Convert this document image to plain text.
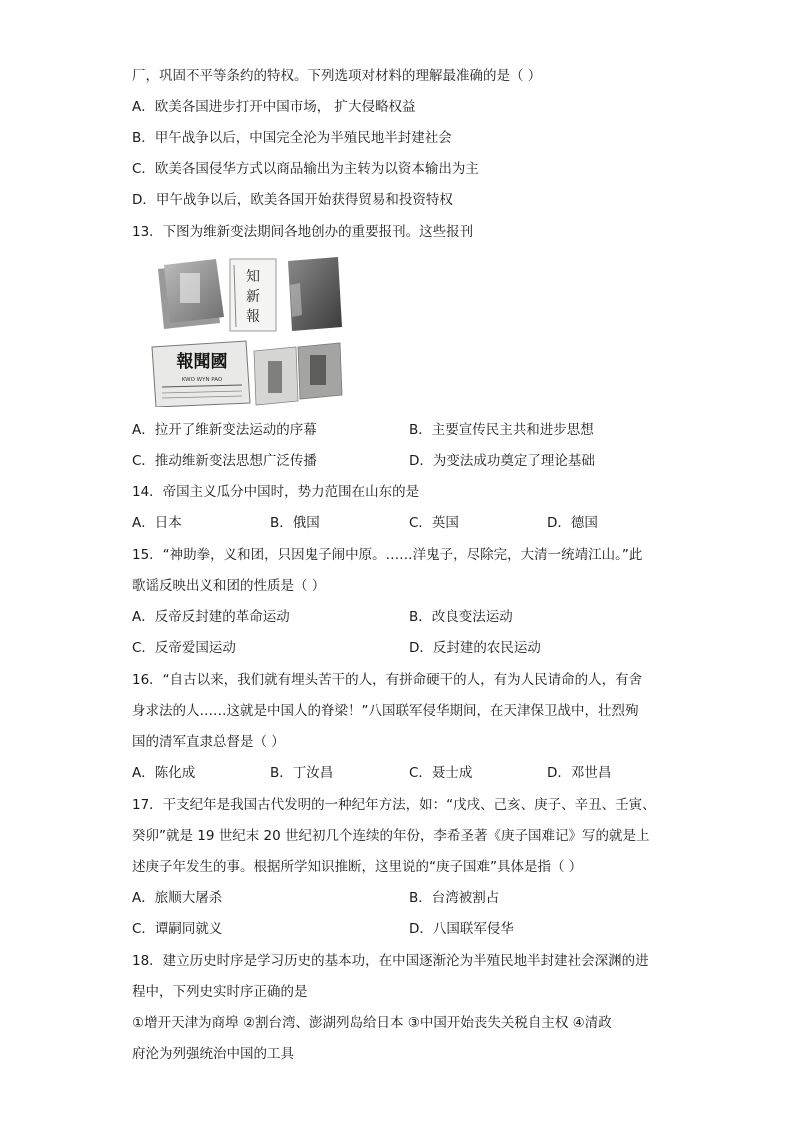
厂，巩固不平等条约的特权。下列选项对材料的理解最准确的是（ ）
A．欧美各国进步打开中国市场， 扩大侵略权益
B．甲午战争以后，中国完全沦为半殖民地半封建社会
C．欧美各国侵华方式以商品输出为主转为以资本输出为主
D．甲午战争以后，欧美各国开始获得贸易和投资特权
13．下图为维新变法期间各地创办的重要报刊。这些报刊
知
新
報
報聞國
KWO WYN PAO
A．拉开了维新变法运动的序幕	B．主要宣传民主共和进步思想
C．推动维新变法思想广泛传播	D．为变法成功奠定了理论基础
14．帝国主义瓜分中国时，势力范围在山东的是
A．日本	B．俄国	C．英国	D．德国
15．“神助拳，义和团，只因鬼子闹中原。……洋鬼子，尽除完，大清一统靖江山。”此
歌谣反映出义和团的性质是（ ）
A．反帝反封建的革命运动	B．改良变法运动
C．反帝爱国运动	D．反封建的农民运动
16．“自古以来，我们就有埋头苦干的人，有拼命硬干的人，有为人民请命的人，有舍
身求法的人……这就是中国人的脊梁！”八国联军侵华期间，在天津保卫战中，壮烈殉
国的清军直隶总督是（ ）
A．陈化成	B．丁汝昌	C．聂士成	D．邓世昌
17．干支纪年是我国古代发明的一种纪年方法，如：“戊戌、己亥、庚子、辛丑、壬寅、
癸卯”就是 19 世纪末 20 世纪初几个连续的年份，李希圣著《庚子国难记》写的就是上
述庚子年发生的事。根据所学知识推断，这里说的“庚子国难”具体是指（ ）
A．旅顺大屠杀	B．台湾被割占
C．谭嗣同就义	D．八国联军侵华
18．建立历史时序是学习历史的基本功，在中国逐渐沦为半殖民地半封建社会深渊的进
程中，下列史实时序正确的是
①增开天津为商埠 ②割台湾、澎湖列岛给日本 ③中国开始丧失关税自主权 ④清政
府沦为列强统治中国的工具
